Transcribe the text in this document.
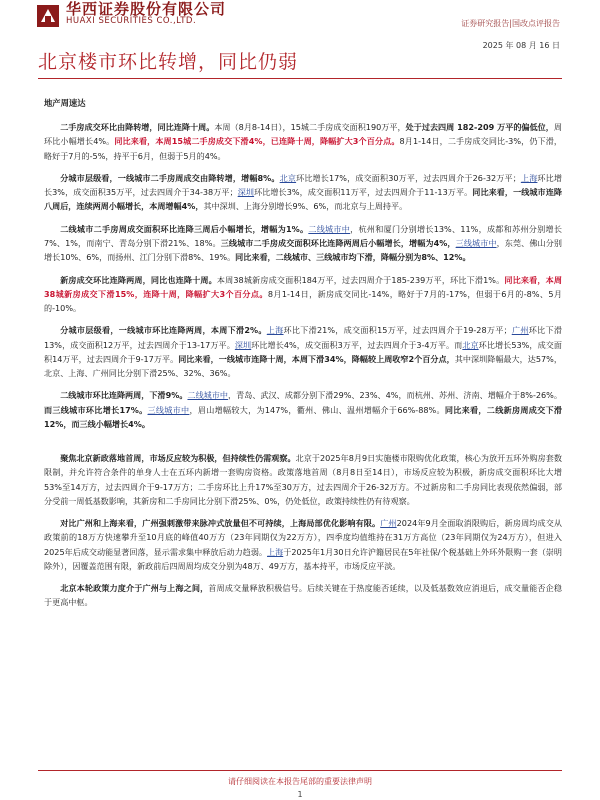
华西证券股份有限公司
HUAXI SECURITIES CO.,LTD.	证券研究报告|国改点评报告
2025 年 08 月 16 日
北京楼市环比转增，同比仍弱
地产周速达

二手房成交环比由降转增，同比连降十周。本周（8月8-14日），15城二手房成交面积190万平，处于过去四周 182-209 万平的偏低位，周环比小幅增长4%。同比来看，本周15城二手房成交下滑4%，已连降十周，降幅扩大3个百分点。8月1-14日，二手房成交同比-3%，仍下滑，略好于7月的-5%，持平于6月，但弱于5月的4%。

分城市层级看，一线城市二手房周成交由降转增，增幅8%。北京环比增长17%，成交面积30万平，过去四周介于26-32万平；上海环比增长3%，成交面积35万平，过去四周介于34-38万平；深圳环比增长3%，成交面积11万平，过去四周介于11-13万平。同比来看，一线城市连降八周后，连续两周小幅增长，本周增幅4%，其中深圳、上海分别增长9%、6%，而北京与上周持平。

二线城市二手房周成交面积环比连降三周后小幅增长，增幅为1%。二线城市中，杭州和厦门分别增长13%、11%，成都和苏州分别增长7%、1%，而南宁、青岛分别下滑21%、18%。三线城市二手房成交面积环比连降两周后小幅增长，增幅为4%，三线城市中，东莞、佛山分别增长10%、6%，而扬州、江门分别下滑8%、19%。同比来看，二线城市、三线城市均下滑，降幅分别为8%、12%。

新房成交环比连降两周，同比也连降十周。本周38城新房成交面积184万平，过去四周介于185-239万平，环比下滑1%。同比来看，本周38城新房成交下滑15%，连降十周，降幅扩大3个百分点。8月1-14日，新房成交同比-14%，略好于7月的-17%，但弱于6月的-8%、5月的-10%。

分城市层级看，一线城市环比连降两周，本周下滑2%。上海环比下滑21%，成交面积15万平，过去四周介于19-28万平；广州环比下滑13%，成交面积12万平，过去四周介于13-17万平。深圳环比增长4%，成交面积3万平，过去四周介于3-4万平。而北京环比增长53%，成交面积14万平，过去四周介于9-17万平。同比来看，一线城市连降十周，本周下滑34%，降幅较上周收窄2个百分点，其中深圳降幅最大，达57%，北京、上海、广州同比分别下滑25%、32%、36%。

二线城市环比连降两周，下滑9%。二线城市中，青岛、武汉、成都分别下滑29%、23%、4%，而杭州、苏州、济南、增幅介于8%-26%。而三线城市环比增长17%。三线城市中，眉山增幅较大，为147%，衢州、佛山、温州增幅介于66%-88%。同比来看，二线新房周成交下滑12%，而三线小幅增长4%。

聚焦北京新政落地首周，市场反应较为积极，但持续性仍需观察。北京于2025年8月9日实施楼市限购优化政策，核心为放开五环外购房套数限制，并允许符合条件的单身人士在五环内新增一套购房资格。政策落地首周（8月8日至14日），市场反应较为积极，新房成交面积环比大增53%至14万方，过去四周介于9-17万方；二手房环比上升17%至30万方，过去四周介于26-32万方。不过新房和二手房同比表现依然偏弱，部分受前一周低基数影响，其新房和二手房同比分别下滑25%、0%，仍处低位，政策持续性仍有待观察。

对比广州和上海来看，广州强刺激带来脉冲式放量但不可持续，上海局部优化影响有限。广州2024年9月全面取消限购后，新房周均成交从政策前的18万方快速攀升至10月底的峰值40万方（23年同期仅为22万方），四季度均值维持在31万方高位（23年同期仅为24万方），但进入2025年后成交动能显著回落，显示需求集中释放后动力趋弱。上海于2025年1月30日允许沪籍居民在5年社保/个税基础上外环外限购一套（崇明除外），因覆盖范围有限，新政前后四周周均成交分别为48万、49万方，基本持平，市场反应平淡。

北京本轮政策力度介于广州与上海之间，首周成交量释放积极信号。后续关键在于热度能否延续，以及低基数效应消退后，成交量能否企稳于更高中枢。

请仔细阅读在本报告尾部的重要法律声明
1
